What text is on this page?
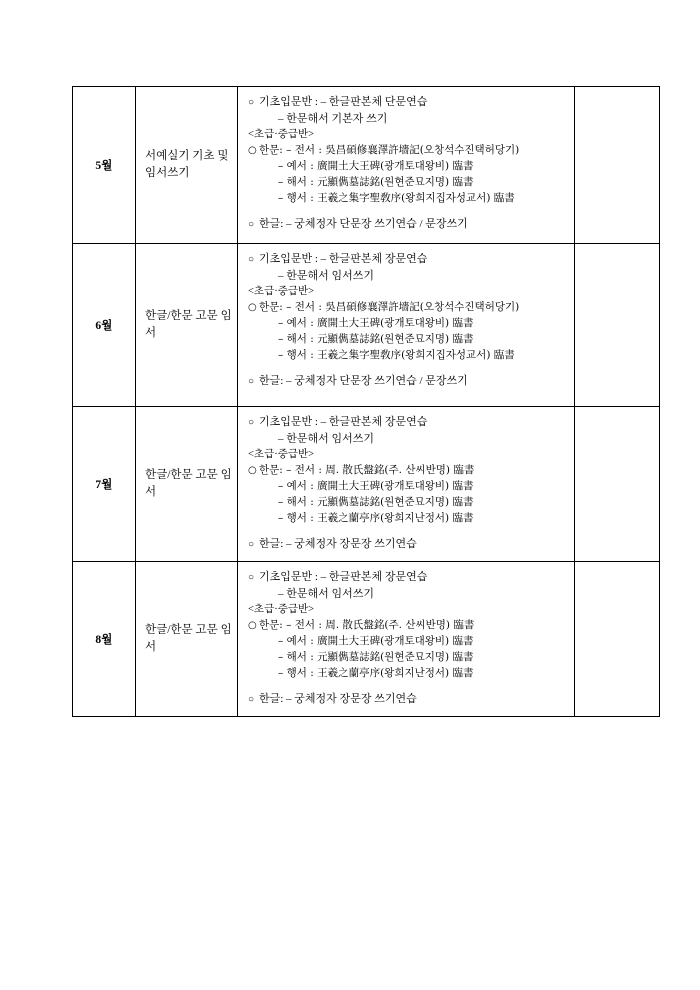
5월	서예실기 기초 및 임서쓰기	
○ 기초입문반 : – 한글판본체 단문연습
– 한문해서 기본자 쓰기
<초급·중급반>
○ 한문: – 전서 : 吳昌碩修襄澤許墻記(오창석수진택허당기)
– 예서 : 廣開土大王碑(광개토대왕비) 臨書
– 해서 : 元顯儁墓誌銘(원현준묘지명) 臨書
– 행서 : 王羲之集字聖敎序(왕희지집자성교서) 臨書
○ 한글: – 궁체정자 단문장 쓰기연습 / 문장쓰기

6월	한글/한문 고문 임서	
○ 기초입문반 : – 한글판본체 장문연습
– 한문해서 임서쓰기
<초급·중급반>
○ 한문: – 전서 : 吳昌碩修襄澤許墻記(오창석수진택허당기)
– 예서 : 廣開土大王碑(광개토대왕비) 臨書
– 해서 : 元顯儁墓誌銘(원현준묘지명) 臨書
– 행서 : 王羲之集字聖敎序(왕희지집자성교서) 臨書
○ 한글: – 궁체정자 단문장 쓰기연습 / 문장쓰기

7월	한글/한문 고문 임서	
○ 기초입문반 : – 한글판본체 장문연습
– 한문해서 임서쓰기
<초급·중급반>
○ 한문: – 전서 : 周. 散氏盤銘(주. 산씨반명) 臨書
– 예서 : 廣開土大王碑(광개토대왕비) 臨書
– 해서 : 元顯儁墓誌銘(원현준묘지명) 臨書
– 행서 : 王羲之蘭亭序(왕희지난정서) 臨書
○ 한글: – 궁체정자 장문장 쓰기연습

8월	한글/한문 고문 임서	
○ 기초입문반 : – 한글판본체 장문연습
– 한문해서 임서쓰기
<초급·중급반>
○ 한문: – 전서 : 周. 散氏盤銘(주. 산씨반명) 臨書
– 예서 : 廣開土大王碑(광개토대왕비) 臨書
– 해서 : 元顯儁墓誌銘(원현준묘지명) 臨書
– 행서 : 王羲之蘭亭序(왕희지난정서) 臨書
○ 한글: – 궁체정자 장문장 쓰기연습
